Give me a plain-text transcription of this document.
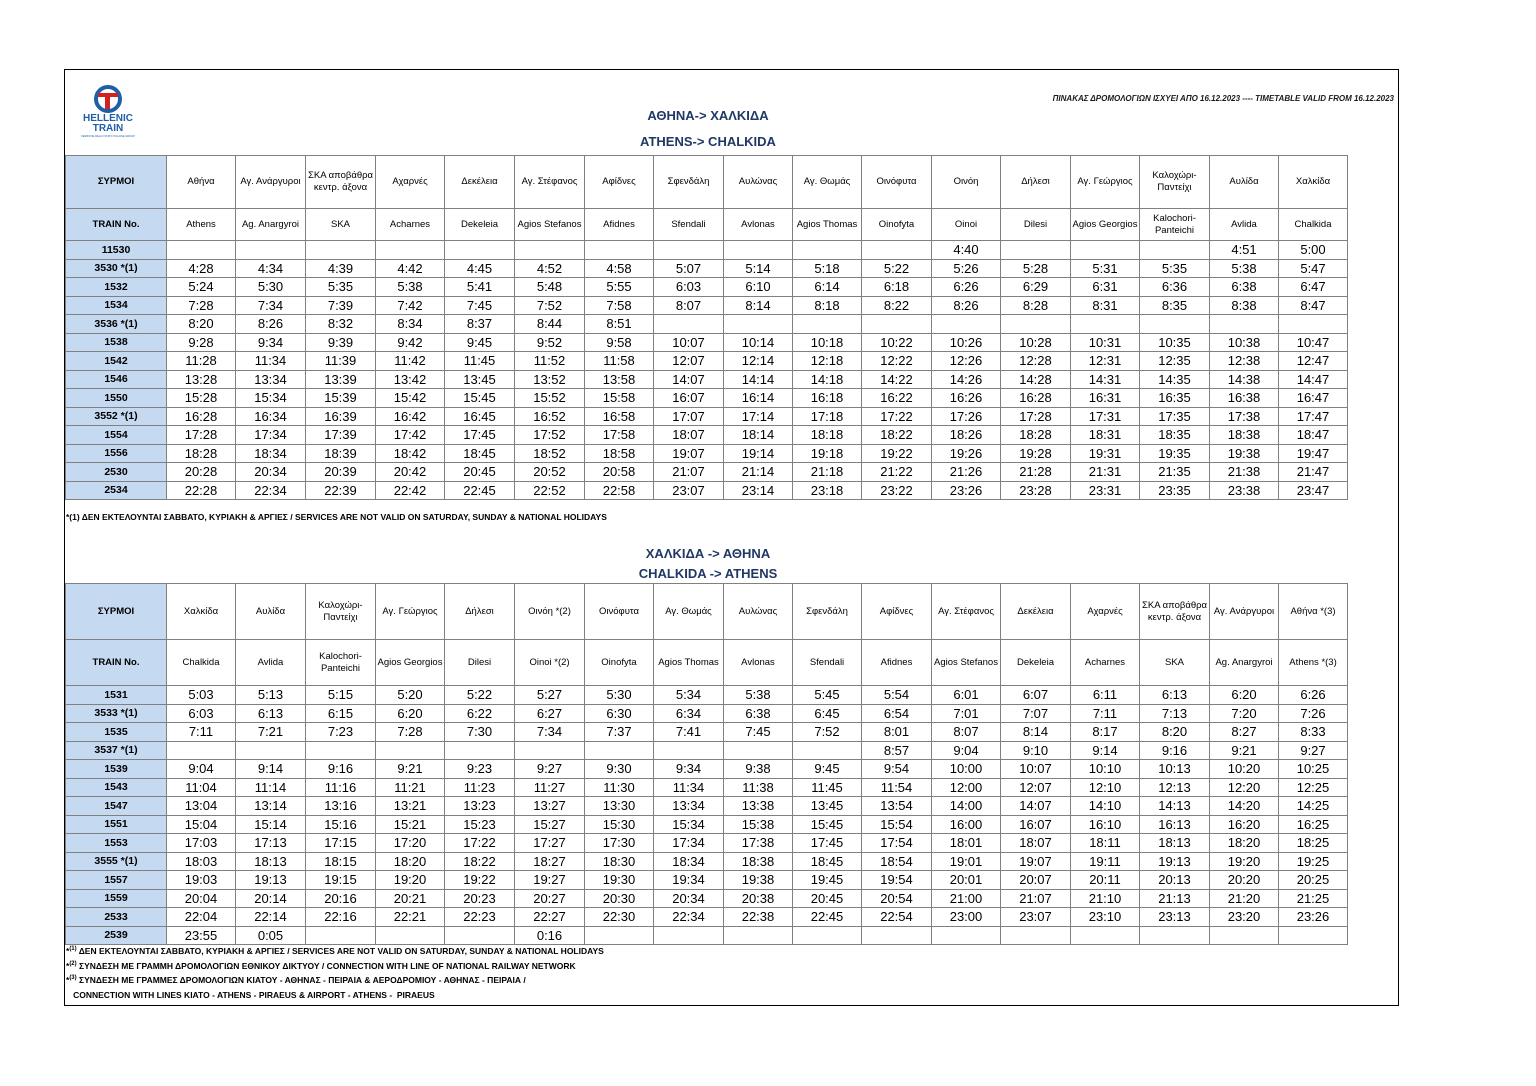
HELLENIC
TRAIN
FERROVIE DELLO STATO ITALIANE GROUP
ΠΙΝΑΚΑΣ ΔΡΟΜΟΛΟΓΙΩΝ ΙΣΧΥΕΙ ΑΠΟ 16.12.2023 ---- TIMETABLE VALID FROM 16.12.2023
ΑΘΗΝΑ-> ΧΑΛΚΙΔΑ
ATHENS-> CHALKIDA
ΣΥΡΜΟΙ	Αθήνα	Αγ. Ανάργυροι	ΣΚΑ αποβάθρα κεντρ. άξονα	Αχαρνές	Δεκέλεια	Αγ. Στέφανος	Αφίδνες	Σφενδάλη	Αυλώνας	Αγ. Θωμάς	Οινόφυτα	Οινόη	Δήλεσι	Αγ. Γεώργιος	Καλοχώρι-Παντείχι	Αυλίδα	Χαλκίδα
TRAIN No.	Athens	Ag. Anargyroi	SKA	Acharnes	Dekeleia	Agios Stefanos	Afidnes	Sfendali	Avlonas	Agios Thomas	Oinofyta	Oinoi	Dilesi	Agios Georgios	Kalochori-Panteichi	Avlida	Chalkida
11530												4:40				4:51	5:00
3530 *(1)	4:28	4:34	4:39	4:42	4:45	4:52	4:58	5:07	5:14	5:18	5:22	5:26	5:28	5:31	5:35	5:38	5:47
1532	5:24	5:30	5:35	5:38	5:41	5:48	5:55	6:03	6:10	6:14	6:18	6:26	6:29	6:31	6:36	6:38	6:47
1534	7:28	7:34	7:39	7:42	7:45	7:52	7:58	8:07	8:14	8:18	8:22	8:26	8:28	8:31	8:35	8:38	8:47
3536 *(1)	8:20	8:26	8:32	8:34	8:37	8:44	8:51										
1538	9:28	9:34	9:39	9:42	9:45	9:52	9:58	10:07	10:14	10:18	10:22	10:26	10:28	10:31	10:35	10:38	10:47
1542	11:28	11:34	11:39	11:42	11:45	11:52	11:58	12:07	12:14	12:18	12:22	12:26	12:28	12:31	12:35	12:38	12:47
1546	13:28	13:34	13:39	13:42	13:45	13:52	13:58	14:07	14:14	14:18	14:22	14:26	14:28	14:31	14:35	14:38	14:47
1550	15:28	15:34	15:39	15:42	15:45	15:52	15:58	16:07	16:14	16:18	16:22	16:26	16:28	16:31	16:35	16:38	16:47
3552 *(1)	16:28	16:34	16:39	16:42	16:45	16:52	16:58	17:07	17:14	17:18	17:22	17:26	17:28	17:31	17:35	17:38	17:47
1554	17:28	17:34	17:39	17:42	17:45	17:52	17:58	18:07	18:14	18:18	18:22	18:26	18:28	18:31	18:35	18:38	18:47
1556	18:28	18:34	18:39	18:42	18:45	18:52	18:58	19:07	19:14	19:18	19:22	19:26	19:28	19:31	19:35	19:38	19:47
2530	20:28	20:34	20:39	20:42	20:45	20:52	20:58	21:07	21:14	21:18	21:22	21:26	21:28	21:31	21:35	21:38	21:47
2534	22:28	22:34	22:39	22:42	22:45	22:52	22:58	23:07	23:14	23:18	23:22	23:26	23:28	23:31	23:35	23:38	23:47
*(1) ΔΕΝ ΕΚΤΕΛΟΥΝΤΑΙ ΣΑΒΒΑΤΟ, ΚΥΡΙΑΚΗ & ΑΡΓΙΕΣ / SERVICES ARE NOT VALID ON SATURDAY, SUNDAY & NATIONAL HOLIDAYS
ΧΑΛΚΙΔΑ -> ΑΘΗΝΑ
CHALKIDA -> ATHENS
ΣΥΡΜΟΙ	Χαλκίδα	Αυλίδα	Καλοχώρι-Παντείχι	Αγ. Γεώργιος	Δήλεσι	Οινόη *(2)	Οινόφυτα	Αγ. Θωμάς	Αυλώνας	Σφενδάλη	Αφίδνες	Αγ. Στέφανος	Δεκέλεια	Αχαρνές	ΣΚΑ αποβάθρα κεντρ. άξονα	Αγ. Ανάργυροι	Αθήνα *(3)
TRAIN No.	Chalkida	Avlida	Kalochori-Panteichi	Agios Georgios	Dilesi	Oinoi *(2)	Oinofyta	Agios Thomas	Avlonas	Sfendali	Afidnes	Agios Stefanos	Dekeleia	Acharnes	SKA	Ag. Anargyroi	Athens *(3)
1531	5:03	5:13	5:15	5:20	5:22	5:27	5:30	5:34	5:38	5:45	5:54	6:01	6:07	6:11	6:13	6:20	6:26
3533 *(1)	6:03	6:13	6:15	6:20	6:22	6:27	6:30	6:34	6:38	6:45	6:54	7:01	7:07	7:11	7:13	7:20	7:26
1535	7:11	7:21	7:23	7:28	7:30	7:34	7:37	7:41	7:45	7:52	8:01	8:07	8:14	8:17	8:20	8:27	8:33
3537 *(1)											8:57	9:04	9:10	9:14	9:16	9:21	9:27
1539	9:04	9:14	9:16	9:21	9:23	9:27	9:30	9:34	9:38	9:45	9:54	10:00	10:07	10:10	10:13	10:20	10:25
1543	11:04	11:14	11:16	11:21	11:23	11:27	11:30	11:34	11:38	11:45	11:54	12:00	12:07	12:10	12:13	12:20	12:25
1547	13:04	13:14	13:16	13:21	13:23	13:27	13:30	13:34	13:38	13:45	13:54	14:00	14:07	14:10	14:13	14:20	14:25
1551	15:04	15:14	15:16	15:21	15:23	15:27	15:30	15:34	15:38	15:45	15:54	16:00	16:07	16:10	16:13	16:20	16:25
1553	17:03	17:13	17:15	17:20	17:22	17:27	17:30	17:34	17:38	17:45	17:54	18:01	18:07	18:11	18:13	18:20	18:25
3555 *(1)	18:03	18:13	18:15	18:20	18:22	18:27	18:30	18:34	18:38	18:45	18:54	19:01	19:07	19:11	19:13	19:20	19:25
1557	19:03	19:13	19:15	19:20	19:22	19:27	19:30	19:34	19:38	19:45	19:54	20:01	20:07	20:11	20:13	20:20	20:25
1559	20:04	20:14	20:16	20:21	20:23	20:27	20:30	20:34	20:38	20:45	20:54	21:00	21:07	21:10	21:13	21:20	21:25
2533	22:04	22:14	22:16	22:21	22:23	22:27	22:30	22:34	22:38	22:45	22:54	23:00	23:07	23:10	23:13	23:20	23:26
2539	23:55	0:05				0:16											
*$^{(1)}$ ΔΕΝ ΕΚΤΕΛΟΥΝΤΑΙ ΣΑΒΒΑΤΟ, ΚΥΡΙΑΚΗ & ΑΡΓΙΕΣ / SERVICES ARE NOT VALID ON SATURDAY, SUNDAY & NATIONAL HOLIDAYS
*$^{(2)}$ ΣΥΝΔΕΣΗ ΜΕ ΓΡΑΜΜΗ ΔΡΟΜΟΛΟΓΙΩΝ ΕΘΝΙΚΟΥ ΔΙΚΤΥΟΥ / CONNECTION WITH LINE OF NATIONAL RAILWAY NETWORK
*$^{(3)}$ ΣΥΝΔΕΣΗ ΜΕ ΓΡΑΜΜΕΣ ΔΡΟΜΟΛΟΓΙΩΝ ΚΙΑΤΟΥ - ΑΘΗΝΑΣ - ΠΕΙΡΑΙΑ & ΑΕΡΟΔΡΟΜΙΟΥ - ΑΘΗΝΑΣ - ΠΕΙΡΑΙΑ /
CONNECTION WITH LINES KIATO - ATHENS - PIRAEUS & AIRPORT - ATHENS -  PIRAEUS
